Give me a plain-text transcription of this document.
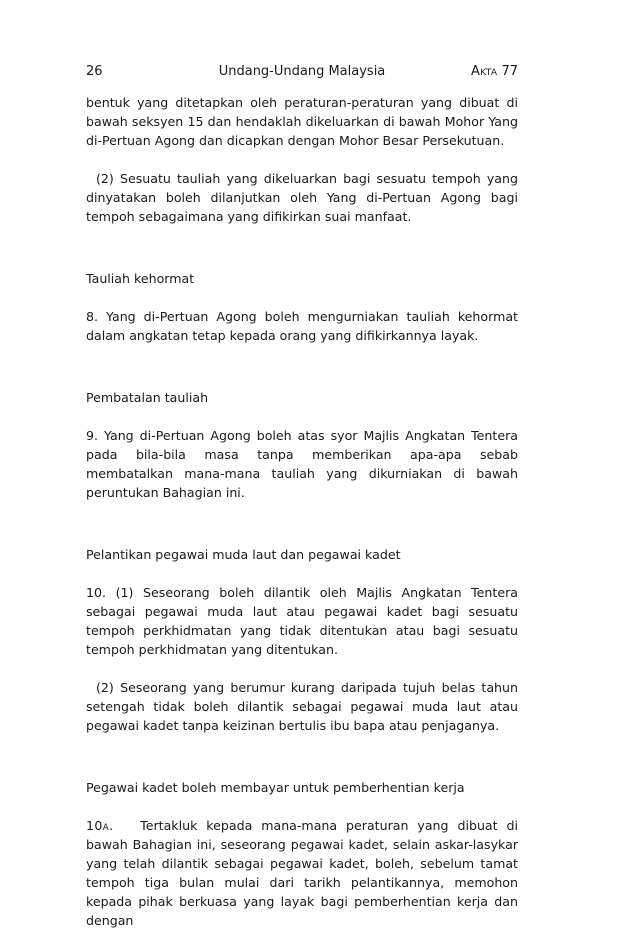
26	Undang-Undang Malaysia	Akta 77

bentuk yang ditetapkan oleh peraturan-peraturan yang dibuat di bawah seksyen 15 dan hendaklah dikeluarkan di bawah Mohor Yang di-Pertuan Agong dan dicapkan dengan Mohor Besar Persekutuan.

(2) Sesuatu tauliah yang dikeluarkan bagi sesuatu tempoh yang dinyatakan boleh dilanjutkan oleh Yang di-Pertuan Agong bagi tempoh sebagaimana yang difikirkan suai manfaat.

Tauliah kehormat

8. Yang di-Pertuan Agong boleh mengurniakan tauliah kehormat dalam angkatan tetap kepada orang yang difikirkannya layak.

Pembatalan tauliah

9. Yang di-Pertuan Agong boleh atas syor Majlis Angkatan Tentera pada bila-bila masa tanpa memberikan apa-apa sebab membatalkan mana-mana tauliah yang dikurniakan di bawah peruntukan Bahagian ini.

Pelantikan pegawai muda laut dan pegawai kadet

10. (1) Seseorang boleh dilantik oleh Majlis Angkatan Tentera sebagai pegawai muda laut atau pegawai kadet bagi sesuatu tempoh perkhidmatan yang tidak ditentukan atau bagi sesuatu tempoh perkhidmatan yang ditentukan.

(2) Seseorang yang berumur kurang daripada tujuh belas tahun setengah tidak boleh dilantik sebagai pegawai muda laut atau pegawai kadet tanpa keizinan bertulis ibu bapa atau penjaganya.

Pegawai kadet boleh membayar untuk pemberhentian kerja

10a. Tertakluk kepada mana-mana peraturan yang dibuat di bawah Bahagian ini, seseorang pegawai kadet, selain askar-lasykar yang telah dilantik sebagai pegawai kadet, boleh, sebelum tamat tempoh tiga bulan mulai dari tarikh pelantikannya, memohon kepada pihak berkuasa yang layak bagi pemberhentian kerja dan dengan
